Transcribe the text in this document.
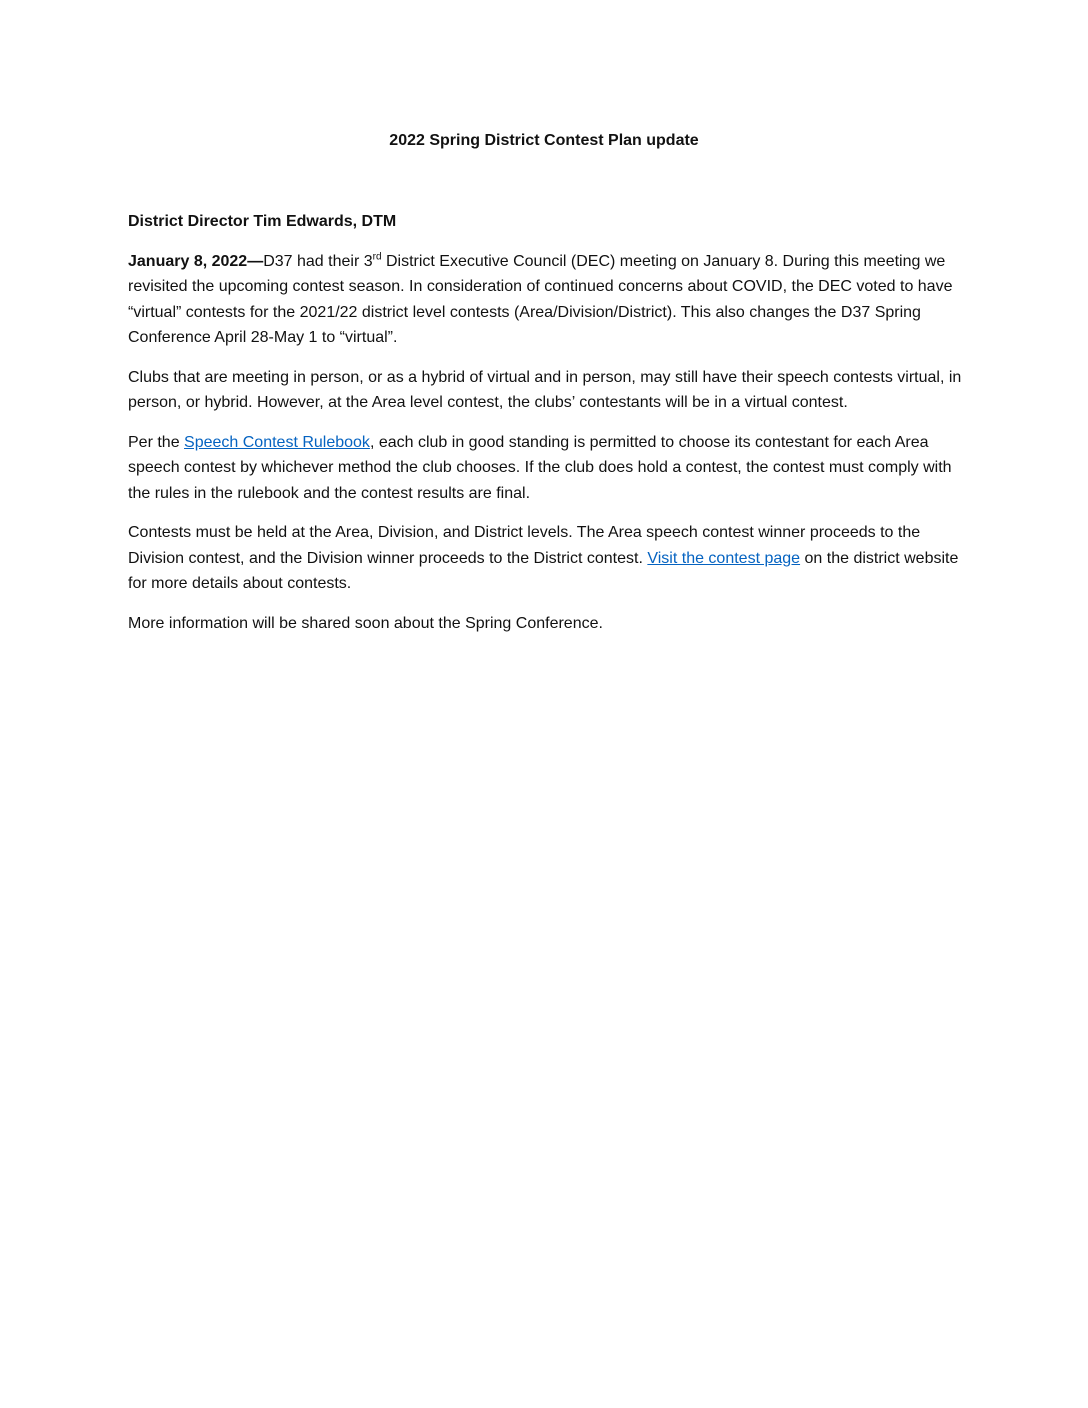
2022 Spring District Contest Plan update
District Director Tim Edwards, DTM

January 8, 2022—D37 had their 3rd District Executive Council (DEC) meeting on January 8. During this meeting we revisited the upcoming contest season. In consideration of continued concerns about COVID, the DEC voted to have “virtual” contests for the 2021/22 district level contests (Area/Division/District). This also changes the D37 Spring Conference April 28-May 1 to “virtual”.

Clubs that are meeting in person, or as a hybrid of virtual and in person, may still have their speech contests virtual, in person, or hybrid. However, at the Area level contest, the clubs’ contestants will be in a virtual contest.

Per the Speech Contest Rulebook, each club in good standing is permitted to choose its contestant for each Area speech contest by whichever method the club chooses. If the club does hold a contest, the contest must comply with the rules in the rulebook and the contest results are final.

Contests must be held at the Area, Division, and District levels. The Area speech contest winner proceeds to the Division contest, and the Division winner proceeds to the District contest. Visit the contest page on the district website for more details about contests.

More information will be shared soon about the Spring Conference.
